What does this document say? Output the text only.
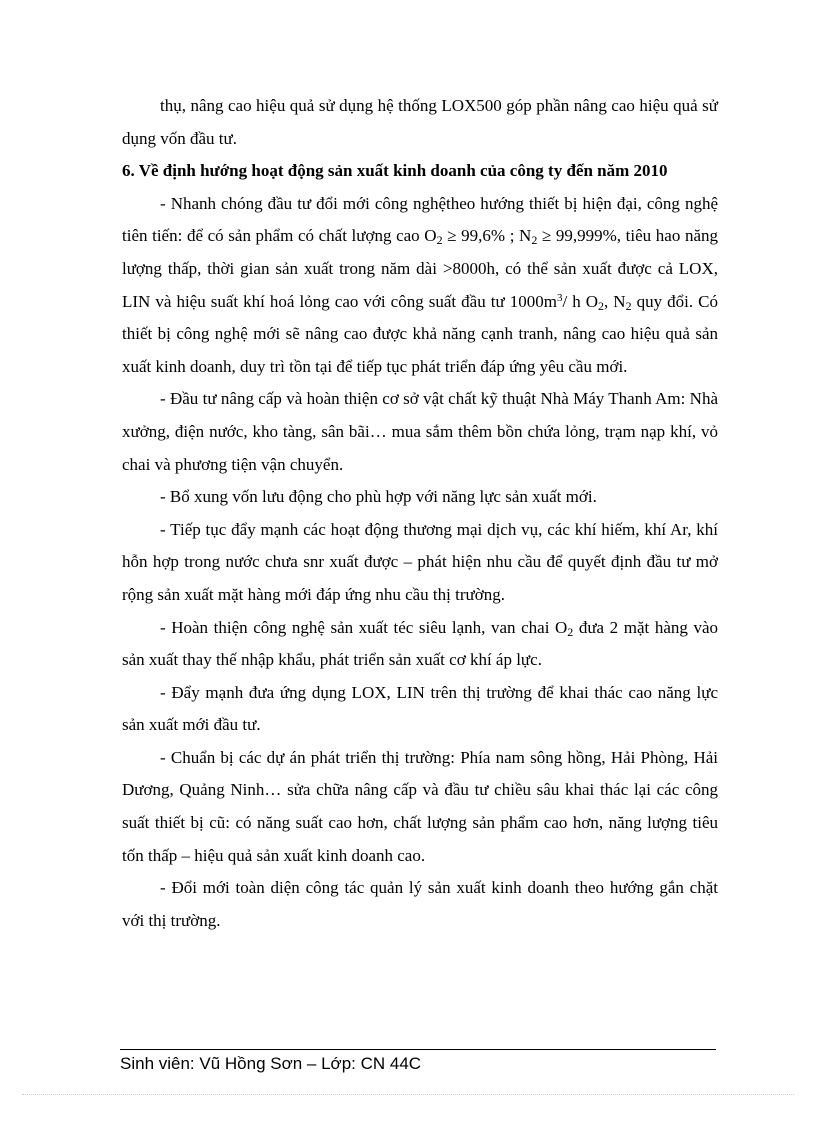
thụ, nâng cao hiệu quả sử dụng hệ thống LOX500 góp phần nâng cao hiệu quả sử dụng vốn đầu tư.

6. Về định hướng hoạt động sản xuất kinh doanh của công ty đến năm 2010

- Nhanh chóng đầu tư đổi mới công nghệtheo hướng thiết bị hiện đại, công nghệ tiên tiến: để có sản phẩm có chất lượng cao $O_2 \ge 99,6\%$ ; $N_2 \ge 99,999\%$, tiêu hao năng lượng thấp, thời gian sản xuất trong năm dài >8000h, có thể sản xuất được cả LOX, LIN và hiệu suất khí hoá lỏng cao với công suất đầu tư $1000m^3/$ h $O_2$, $N_2$ quy đổi. Có thiết bị công nghệ mới sẽ nâng cao được khả năng cạnh tranh, nâng cao hiệu quả sản xuất kinh doanh, duy trì tồn tại để tiếp tục phát triển đáp ứng yêu cầu mới.

- Đầu tư nâng cấp và hoàn thiện cơ sở vật chất kỹ thuật Nhà Máy Thanh Am: Nhà xưởng, điện nước, kho tàng, sân bãi… mua sắm thêm bồn chứa lỏng, trạm nạp khí, vỏ chai và phương tiện vận chuyển.

- Bổ xung vốn lưu động cho phù hợp với năng lực sản xuất mới.

- Tiếp tục đẩy mạnh các hoạt động thương mại dịch vụ, các khí hiếm, khí Ar, khí hỗn hợp trong nước chưa snr xuất được – phát hiện nhu cầu để quyết định đầu tư mở rộng sản xuất mặt hàng mới đáp ứng nhu cầu thị trường.

- Hoàn thiện công nghệ sản xuất téc siêu lạnh, van chai $O_2$ đưa 2 mặt hàng vào sản xuất thay thế nhập khẩu, phát triển sản xuất cơ khí áp lực.

- Đẩy mạnh đưa ứng dụng LOX, LIN trên thị trường để khai thác cao năng lực sản xuất mới đầu tư.

- Chuẩn bị các dự án phát triển thị trường: Phía nam sông hồng, Hải Phòng, Hải Dương, Quảng Ninh… sửa chữa nâng cấp và đầu tư chiều sâu khai thác lại các công suất thiết bị cũ: có năng suất cao hơn, chất lượng sản phẩm cao hơn, năng lượng tiêu tốn thấp – hiệu quả sản xuất kinh doanh cao.

- Đổi mới toàn diện công tác quản lý sản xuất kinh doanh theo hướng gắn chặt với thị trường.

Sinh viên: Vũ Hồng Sơn – Lớp: CN 44C
